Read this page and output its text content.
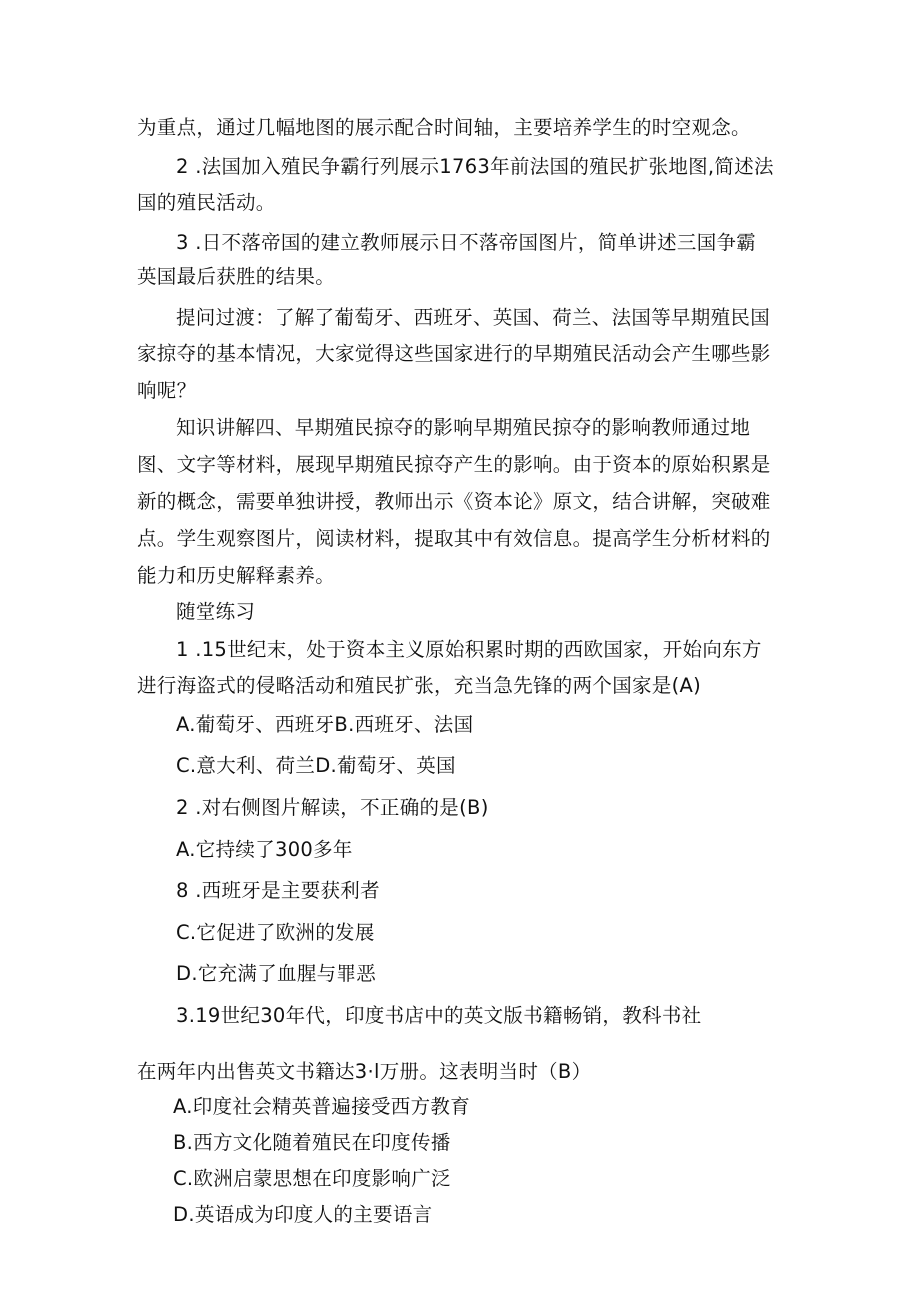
为重点，通过几幅地图的展示配合时间轴，主要培养学生的时空观念。
2 .法国加入殖民争霸行列展示1763年前法国的殖民扩张地图,简述法
国的殖民活动。
3 .日不落帝国的建立教师展示日不落帝国图片，简单讲述三国争霸
英国最后获胜的结果。
提问过渡：了解了葡萄牙、西班牙、英国、荷兰、法国等早期殖民国
家掠夺的基本情况，大家觉得这些国家进行的早期殖民活动会产生哪些影
响呢？
知识讲解四、早期殖民掠夺的影响早期殖民掠夺的影响教师通过地
图、文字等材料，展现早期殖民掠夺产生的影响。由于资本的原始积累是
新的概念，需要单独讲授，教师出示《资本论》原文，结合讲解，突破难
点。学生观察图片，阅读材料，提取其中有效信息。提高学生分析材料的
能力和历史解释素养。
随堂练习
1 .15世纪末，处于资本主义原始积累时期的西欧国家，开始向东方
进行海盗式的侵略活动和殖民扩张，充当急先锋的两个国家是(A)
A.葡萄牙、西班牙B.西班牙、法国
C.意大利、荷兰D.葡萄牙、英国
2 .对右侧图片解读，不正确的是(B)
A.它持续了300多年
8 .西班牙是主要获利者
C.它促进了欧洲的发展
D.它充满了血腥与罪恶
3.19世纪30年代，印度书店中的英文版书籍畅销，教科书社
在两年内出售英文书籍达3·l万册。这表明当时（B）
A.印度社会精英普遍接受西方教育
B.西方文化随着殖民在印度传播
C.欧洲启蒙思想在印度影响广泛
D.英语成为印度人的主要语言
